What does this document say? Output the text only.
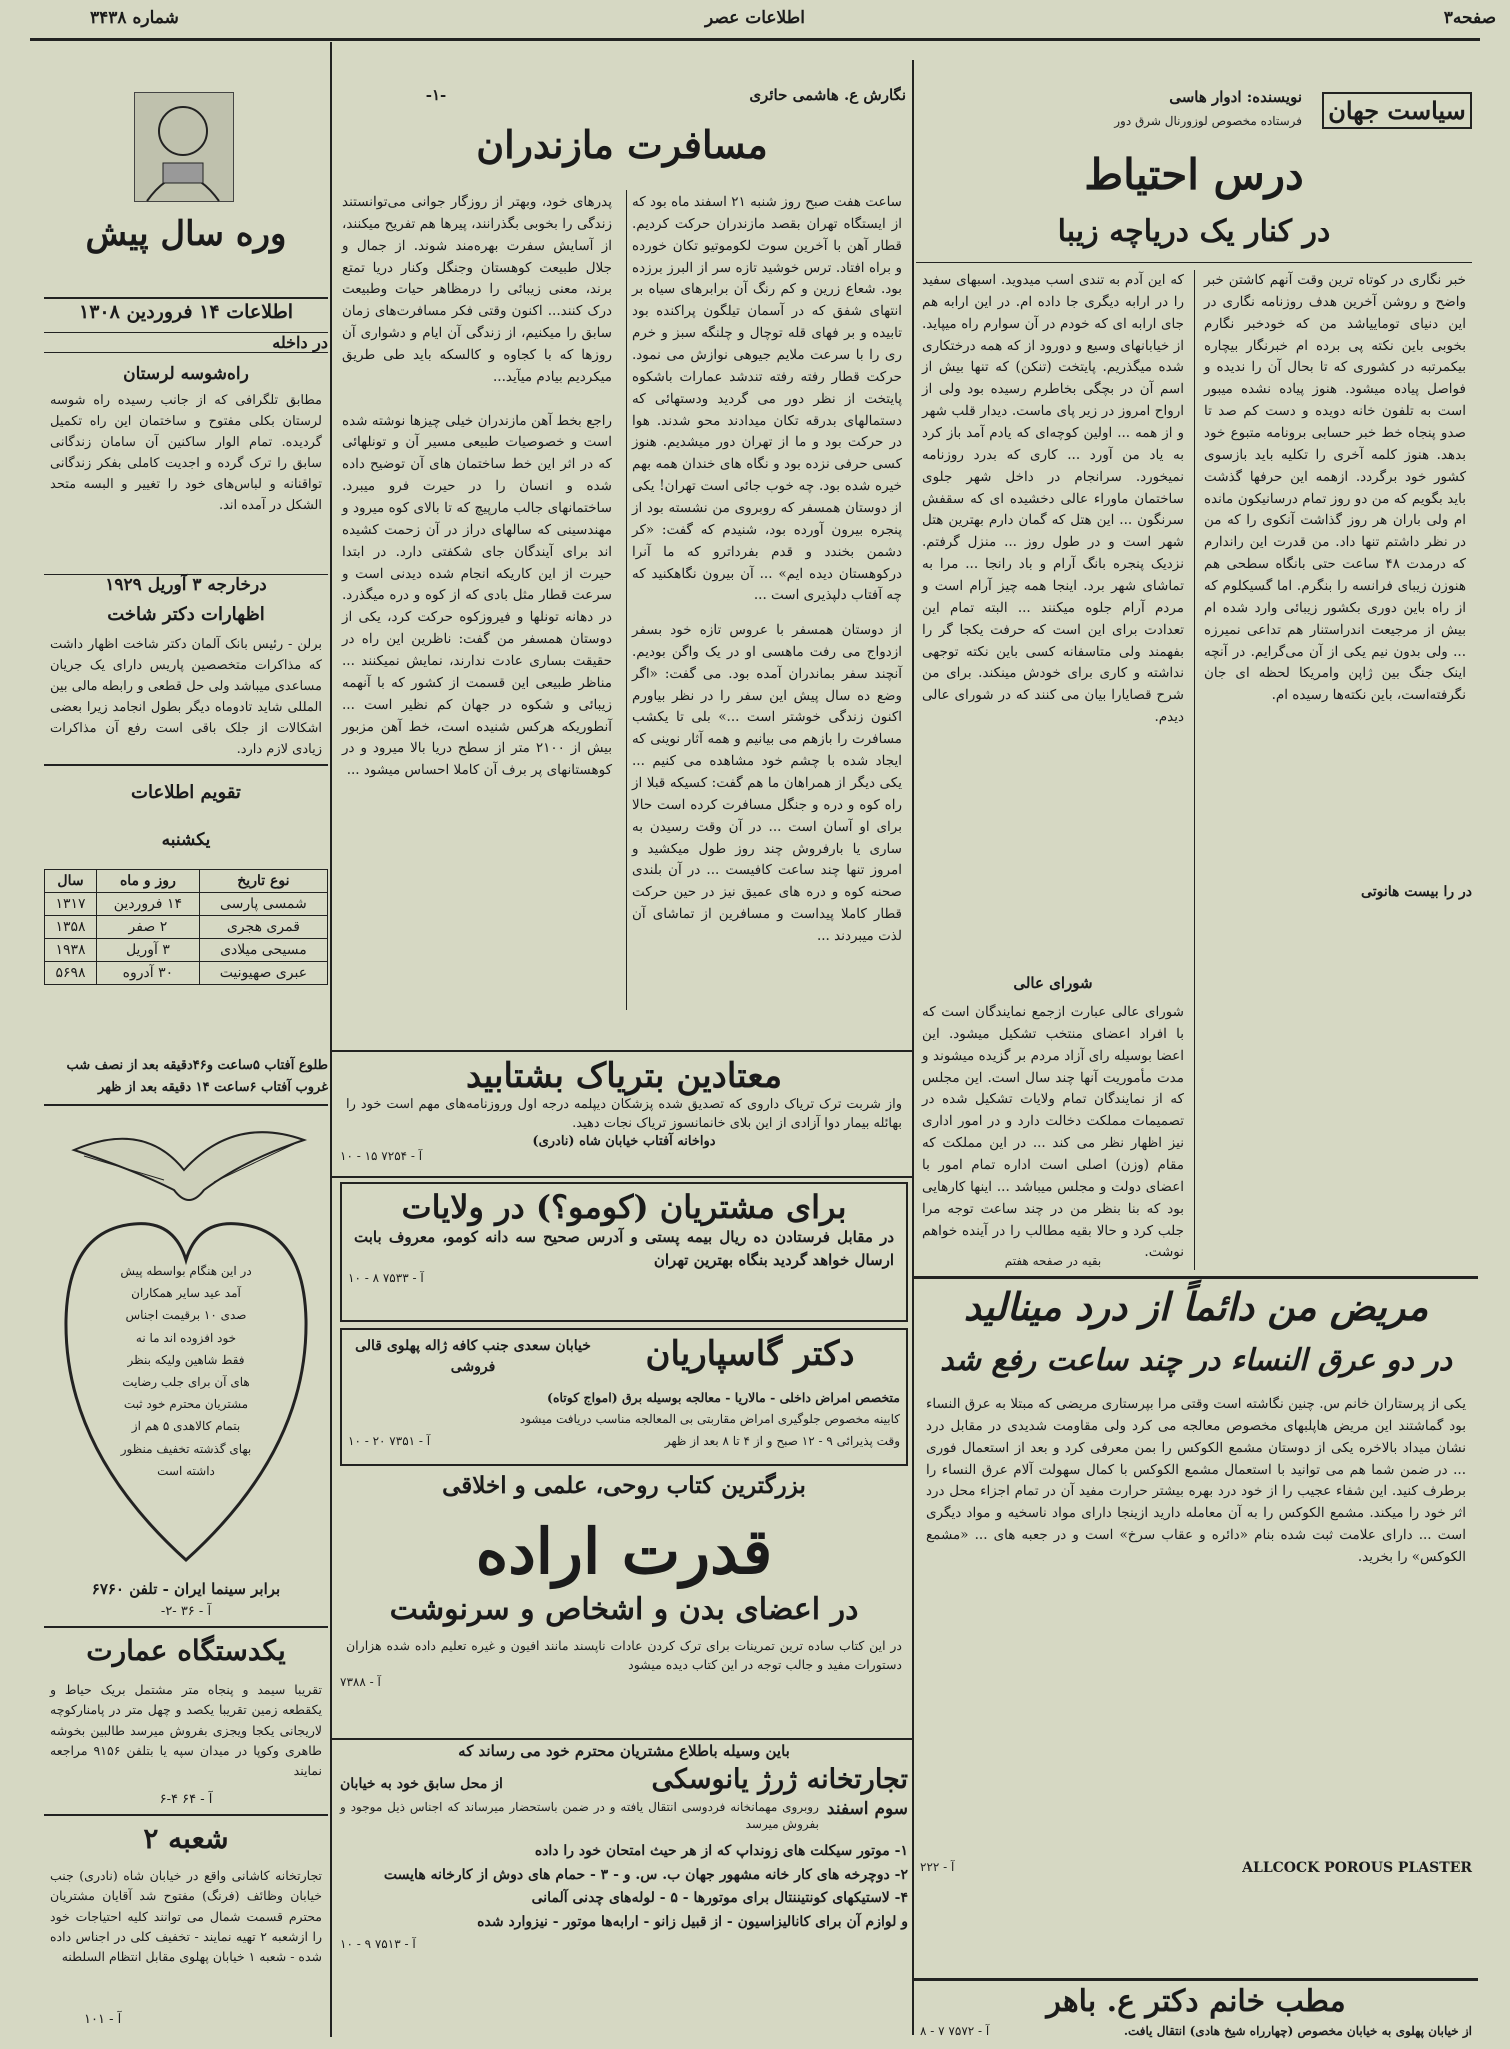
صفحه۳
اطلاعات عصر
شماره ۳۴۳۸
وره سال پیش
اطلاعات ۱۴ فروردین ۱۳۰۸
در داخله
راه‌شوسه لرستان
مطابق تلگرافی که از جانب رسیده راه شوسه لرستان بکلی مفتوح و ساختمان این راه تکمیل گردیده. تمام الوار ساکنین آن سامان زندگانی سابق را ترک گرده و اجدیت کاملی بفکر زندگانی تواقنانه و لباس‌های خود را تغییر و البسه متحد الشکل در آمده اند.
درخارجه ۳ آوریل ۱۹۲۹
اظهارات دکتر شاخت
برلن - رئیس بانک آلمان دکتر شاخت اظهار داشت که مذاکرات متخصصین پاریس دارای یک جریان مساعدی میباشد ولی حل قطعی و رابطه مالی بین المللی شاید تادوماه دیگر بطول انجامد زیرا بعضی اشکالات از جلک باقی است رفع آن مذاکرات زیادی لازم دارد.
تقویم اطلاعات
یکشنبه
نوع تاریخ	روز و ماه	سال
شمسی پارسی	۱۴ فروردین	۱۳۱۷
قمری هجری	۲ صفر	۱۳۵۸
مسیحی میلادی	۳ آوریل	۱۹۳۸
عبری صهیونیت	۳۰ آدروه	۵۶۹۸
طلوع آفتاب ۵ساعت و۴۶دقیقه بعد از نصف شب
غروب آفتاب ۶ساعت ۱۴ دقیقه بعد از ظهر
در این هنگام بواسطه پیش
آمد عید سایر همکاران
صدی ۱۰ برقیمت اجناس
خود افزوده اند ما نه
فقط شاهین ولیکه بنظر
های آن برای جلب رضایت
مشتریان محترم خود ثبت
بتمام کالاهدی ۵ هم از
بهای گذشته تخفیف منظور
داشته است
برابر سینما ایران - تلفن ۶۷۶۰
آ - ۳۶ -۲-
یکدستگاه عمارت
تقریبا سیمد و پنجاه متر مشتمل بریک حیاط و یکقطعه زمین تقریبا یکصد و چهل متر در پامنارکوچه لاریجانی یکجا ویجزی بفروش میرسد طالبین بخوشه طاهری وکوپا در میدان سپه یا بتلفن ۹۱۵۶ مراجعه نمایند
آ - ۶۴ ۴-۶
شعبه ۲
تجارتخانه کاشانی واقع در خیابان شاه (نادری) جنب خیابان وظائف (فرنگ) مفتوح شد آقایان مشتریان محترم قسمت شمال می توانند کلیه احتیاجات خود را ازشعبه ۲ تهیه نمایند - تخفیف کلی در اجناس داده شده - شعبه ۱ خیابان پهلوی مقابل انتظام السلطنه
آ - ۱۰۱
نگارش ع. هاشمی حائری
-۱-
مسافرت مازندران
ساعت هفت صبح روز شنبه ۲۱ اسفند ماه بود که از ایستگاه تهران بقصد مازندران حرکت کردیم. قطار آهن با آخرین سوت لکوموتیو تکان خورده و براه افتاد. ترس خوشید تازه سر از البرز برزده بود. شعاع زرین و کم رنگ آن برابرهای سیاه بر انتهای شفق که در آسمان تیلگون پراکنده بود تابیده و بر فهای قله توچال و چلنگه سبز و خرم ری را با سرعت ملایم جیوهی نوازش می نمود. حرکت قطار رفته رفته تندشد عمارات باشکوه پایتخت از نظر دور می گردید ودستهائی که دستمالهای بدرقه تکان میدادند محو شدند. هوا در حرکت بود و ما از تهران دور میشدیم. هنوز کسی حرفی نزده بود و نگاه های خندان همه بهم خیره شده بود. چه خوب جائی است تهران! یکی از دوستان همسفر که روبروی من نشسته بود از پنجره بیرون آورده بود، شنیدم که گفت: «کر دشمن بخندد و قدم بفرداترو که ما آنرا درکوهستان دیده ایم» ... آن بیرون نگاهکنید که چه آفتاب دلپذیری است ...
پدرهای خود، وبهتر از روزگار جوانی می‌توانستند زندگی را بخوبی بگذرانند، پیرها هم تفریح میکنند، از آسایش سفرت بهره‌مند شوند. از جمال و جلال طبیعت کوهستان وجنگل وکنار دریا تمتع برند، معنی زیبائی را درمظاهر حیات وطبیعت درک کنند... اکنون وقتی فکر مسافرت‌های زمان سابق را میکنیم، از زندگی آن ایام و دشواری آن روزها که با کجاوه و کالسکه باید طی طریق میکردیم بیادم میآید...

راجع بخط آهن مازندران خیلی چیزها نوشته شده است و خصوصیات طبیعی مسیر آن و تونلهائی که در اثر این خط ساختمان های آن توضیح داده شده و انسان را در حیرت فرو میبرد. ساختمانهای جالب مارپیچ که تا بالای کوه میرود و مهندسینی که سالهای دراز در آن زحمت کشیده اند برای آیندگان جای شکفتی دارد. در ابتدا حیرت از این کاریکه انجام شده دیدنی است و سرعت قطار مثل بادی که از کوه و دره میگذرد. در دهانه تونلها و فیروزکوه حرکت کرد، یکی از دوستان همسفر من گفت: ناظرین این راه در حقیقت بساری عادت ندارند، نمایش نمیکنند ... مناظر طبیعی این قسمت از کشور که با آنهمه زیبائی و شکوه در جهان کم نظیر است ... آنطوریکه هرکس شنیده است، خط آهن مزبور بیش از ۲۱۰۰ متر از سطح دریا بالا میرود و در کوهستانهای پر برف آن کاملا احساس میشود ...
از دوستان همسفر با عروس تازه خود بسفر ازدواج می رفت ماهسی او در یک واگن بودیم. آنچند سفر بماندران آمده بود. می گفت: «اگر وضع ده سال پیش این سفر را در نظر بیاورم اکنون زندگی خوشتر است ...» بلی تا یکشب مسافرت را بازهم می بیانیم و همه آثار نوینی که ایجاد شده با چشم خود مشاهده می کنیم ... یکی دیگر از همراهان ما هم گفت: کسیکه قبلا از راه کوه و دره و جنگل مسافرت کرده است حالا برای او آسان است ... در آن وقت رسیدن به ساری یا بارفروش چند روز طول میکشید و امروز تنها چند ساعت کافیست ... در آن بلندی صحنه کوه و دره های عمیق نیز در حین حرکت قطار کاملا پیداست و مسافرین از تماشای آن لذت میبردند ...
معتادین بتریاک بشتابید
واز شربت ترک تریاک داروی که تصدیق شده پزشکان دیپلمه درجه اول وروزنامه‌های مهم است خود را بهائله بیمار دوا آزادی از این بلای خانمانسوز تریاک نجات دهید.
دواخانه آفتاب خیابان شاه (نادری)
آ - ۷۲۵۴ ۱۵ - ۱۰
برای مشتریان (کومو؟) در ولایات
در مقابل فرستادن ده ریال بیمه پستی و آدرس صحیح سه دانه کومو، معروف بابت ارسال خواهد گردید بنگاه بهترین تهران
آ - ۷۵۳۳ ۸ - ۱۰
دکتر گاسپاریان
خیابان سعدی جنب کافه ژاله پهلوی قالی فروشی
متخصص امراض داخلی - مالاریا - معالجه بوسیله برق (امواج کوتاه)
کابینه مخصوص جلوگیری امراض مقاربتی بی المعالجه مناسب دریافت میشود
وقت پذیرائی ۹ - ۱۲ صبح و از ۴ تا ۸ بعد از ظهر
آ - ۷۳۵۱ ۲۰ - ۱۰
بزرگترین کتاب روحی، علمی و اخلاقی
قدرت اراده
در اعضای بدن و اشخاص و سرنوشت
در این کتاب ساده ترین تمرینات برای ترک کردن عادات ناپسند مانند افیون و غیره تعلیم داده شده هزاران دستورات مفید و جالب توجه در این کتاب دیده میشود
آ - ۷۳۸۸
باین وسیله باطلاع مشتریان محترم خود می رساند که
تجارتخانه ژرژ یانوسکی
از محل سابق خود به خیابان
سوم اسفند
روبروی مهمانخانه فردوسی انتقال یافته و در ضمن باستحضار میرساند که اجناس ذیل موجود و بفروش میرسد
۱- موتور سیکلت های زونداپ که از هر حیث امتحان خود را داده
۲- دوچرخه های کار خانه مشهور جهان ب. س. و - ۳ - حمام های دوش از کارخانه هایست
۴- لاستیکهای کونتیننتال برای موتورها - ۵ - لوله‌های چدنی آلمانی
و لوازم آن برای کاناليزاسیون - از قبیل زانو - ارابه‌ها موتور - نیزوارد شده
آ - ۷۵۱۳ ۹ - ۱۰
سیاست جهان
نویسنده: ادوار هاسی
فرستاده مخصوص لوزورنال شرق دور
درس احتیاط
در کنار یک دریاچه زیبا
خبر نگاری در کوتاه ترین وقت آنهم کاشتن خبر واضح و روشن آخرین هدف روزنامه نگاری در این دنیای توماییاشد من که خودخبر نگارم بخوبی باین نکته پی برده ام خبرنگار بیچاره بیکمرتبه در کشوری که تا بحال آن را ندیده و فواصل پیاده میشود. هنوز پیاده نشده میبور است به تلفون خانه دویده و دست کم صد تا صدو پنجاه خط خبر حسابی برونامه متبوع خود بدهد. هنوز کلمه آخری را تکلیه باید بازسوی کشور خود برگردد. ازهمه این حرفها گذشت باید بگویم که من دو روز تمام درسانیکون مانده ام ولی باران هر روز گذاشت آنکوی را که من در نظر داشتم تنها داد. من قدرت این راندارم که درمدت ۴۸ ساعت حتی بانگاه سطحی هم هنوزن زیبای فرانسه را بنگرم. اما گسیکلوم که از راه باین دوری بکشور زیبائی وارد شده ام بیش از مرجیعت اندراستنار هم تداعی نمیرزه ... ولی بدون نیم یکی از آن می‌گرایم. در آنچه اینک جنگ بین ژاپن وامریکا لحظه ای جان نگرفته‌است، باین نکته‌ها رسیده ام.
در را بیست هانوتی
که این آدم به تندی اسب میدوید. اسبهای سفید را در ارابه دیگری جا داده ام. در این ارابه هم جای ارابه ای که خودم در آن سوارم راه میپاید. از خیابانهای وسیع و دورود از که همه درختکاری شده میگذریم. پایتخت (تنکن) که تنها بیش از اسم آن در بچگی بخاطرم رسیده بود ولی از ارواح امروز در زیر پای ماست. دیدار قلب شهر و از همه ... اولین کوچه‌ای که یادم آمد باز کرد به یاد من آورد ... کاری که بدرد روزنامه نمیخورد. سرانجام در داخل شهر جلوی ساختمان ماوراء عالی دخشیده ای که سقفش سرنگون ... این هتل که گمان دارم بهترین هتل شهر است و در طول روز ... منزل گرفتم. نزدیک پنجره بانگ آرام و باد رانجا ... مرا به تماشای شهر برد. اینجا همه چیز آرام است و مردم آرام جلوه میکنند ... البته تمام این تعدادت برای این است که حرفت یکجا گر را بفهمند ولی متاسفانه کسی باین نکته توجهی نداشته و کاری برای خودش مینکند. برای من شرح قصایارا بیان می کنند که در شورای عالی دیدم.
شورای عالی
شورای عالی عبارت ازجمع نمایندگان است که با افراد اعضای منتخب تشکیل میشود. این اعضا بوسیله رای آزاد مردم بر گزیده میشوند و مدت مأموریت آنها چند سال است. این مجلس که از نمایندگان تمام ولایات تشکیل شده در تصمیمات مملکت دخالت دارد و در امور اداری نیز اظهار نظر می کند ... در این مملکت که مقام (وزن) اصلی است اداره تمام امور با اعضای دولت و مجلس میباشد ... اینها کارهایی بود که بنا بنظر من در چند ساعت توجه مرا جلب کرد و حالا بقیه مطالب را در آینده خواهم نوشت.
بقیه در صفحه هفتم
مریض من دائماً از درد مینالید
در دو عرق النساء در چند ساعت رفع شد
یکی از پرستاران خانم س. چنین نگاشته است وقتی مرا بپرستاری مریضی که مبتلا به عرق النساء بود گماشتند این مریض هاپلبهای مخصوص معالجه می کرد ولی مقاومت شدیدی در مقابل درد نشان میداد بالاخره یکی از دوستان مشمع الکوکس را بمن معرفی کرد و بعد از استعمال فوری ... در ضمن شما هم می توانید با استعمال مشمع الکوکس با کمال سهولت آلام عرق النساء را برطرف کنید. این شفاء عجیب را از خود درد بهره بیشتر حرارت مفید آن در تمام اجزاء محل درد اثر خود را میکند. مشمع الکوکس را به آن معامله دارید ازینجا دارای مواد ناسخیه و مواد دیگری است ... دارای علامت ثبت شده بنام «دائره و عقاب سرخ» است و در جعبه های ... «مشمع الکوکس» را بخرید.
ALLCOCK POROUS PLASTER
آ - ۲۲۲
مطب خانم دکتر ع. باهر
از خیابان پهلوی به خیابان مخصوص (چهارراه شیخ هادی) انتقال یافت.
آ - ۷۵۷۲ ۷ - ۸
